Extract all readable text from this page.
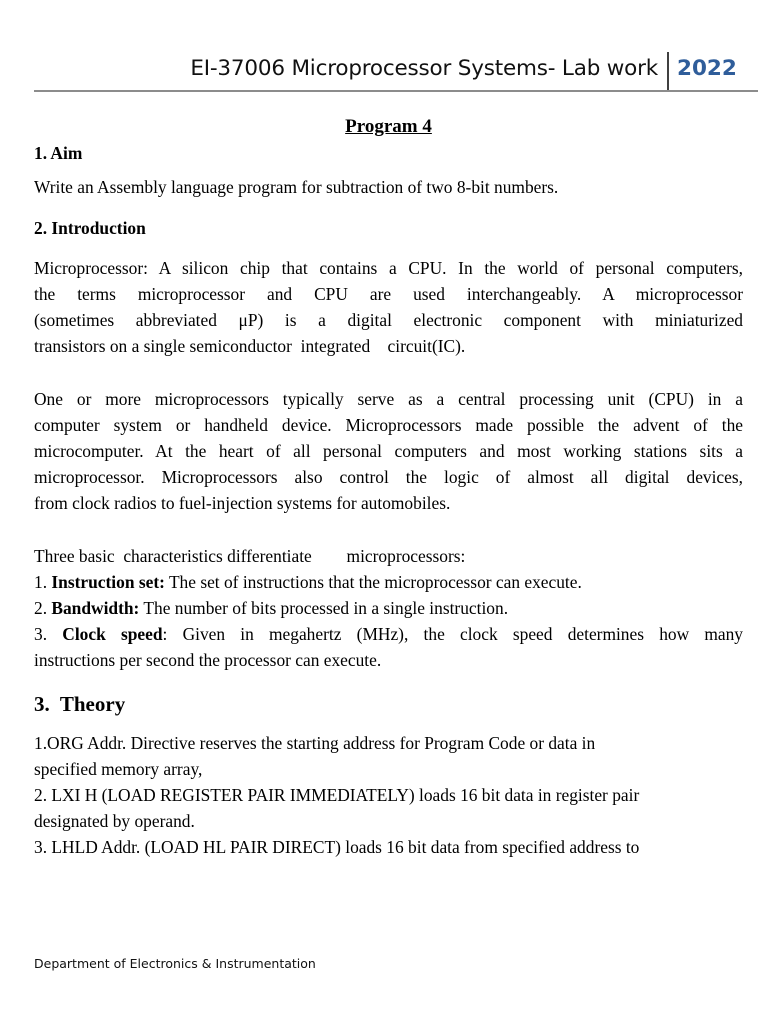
EI-37006 Microprocessor Systems- Lab work 2022

Program 4

1. Aim

Write an Assembly language program for subtraction of two 8-bit numbers.

2. Introduction

Microprocessor: A silicon chip that contains a CPU. In the world of personal computers,

the terms microprocessor and CPU are used interchangeably. A microprocessor

(sometimes abbreviated μP) is a digital electronic component with miniaturized

transistors on a single semiconductor  integrated    circuit(IC).

One or more microprocessors typically serve as a central processing unit (CPU) in a

computer system or handheld device. Microprocessors made possible the advent of the

microcomputer. At the heart of all personal computers and most working stations sits a

microprocessor. Microprocessors also control the logic of almost all digital devices,

from clock radios to fuel-injection systems for automobiles.

Three basic  characteristics differentiate        microprocessors:

1. Instruction set: The set of instructions that the microprocessor can execute.

2. Bandwidth: The number of bits processed in a single instruction.

3. Clock speed: Given in megahertz (MHz), the clock speed determines how many

instructions per second the processor can execute.

3.  Theory

1.ORG Addr. Directive reserves the starting address for Program Code or data in

specified memory array,

2. LXI H (LOAD REGISTER PAIR IMMEDIATELY) loads 16 bit data in register pair

designated by operand.

3. LHLD Addr. (LOAD HL PAIR DIRECT) loads 16 bit data from specified address to

Department of Electronics & Instrumentation
